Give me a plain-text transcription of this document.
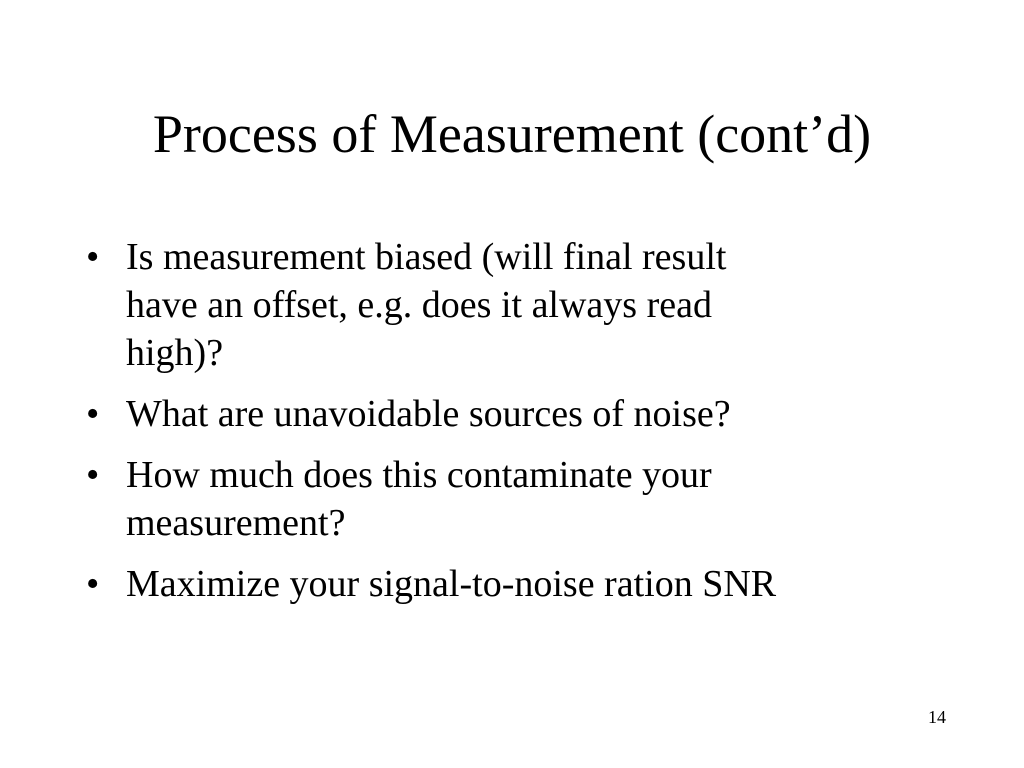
Process of Measurement (cont’d)
• Is measurement biased (will final result
have an offset, e.g. does it always read
high)?
• What are unavoidable sources of noise?
• How much does this contaminate your
measurement?
• Maximize your signal-to-noise ration SNR
14
